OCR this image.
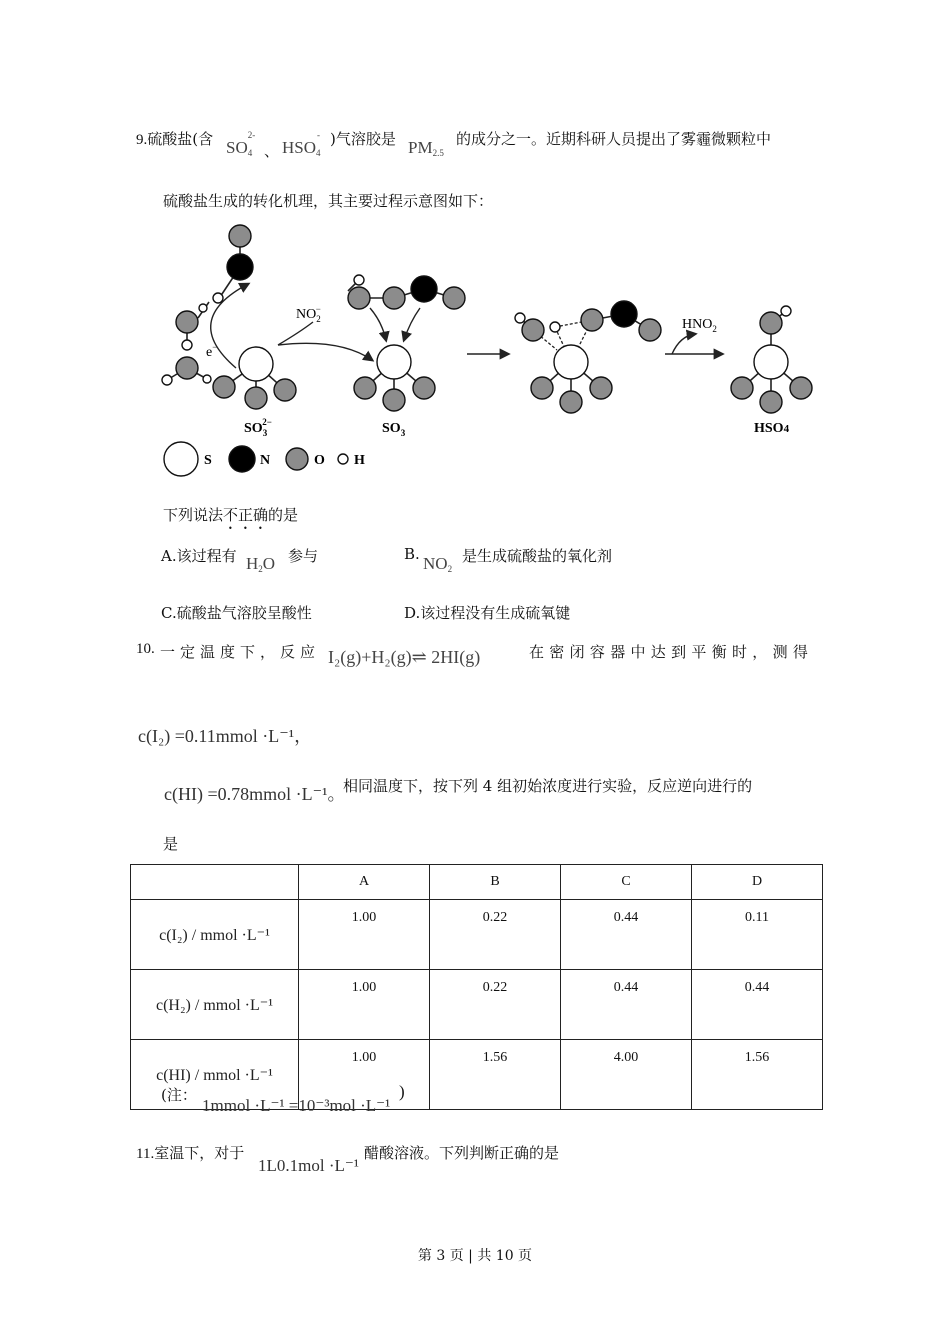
9.硫酸盐(含 SO 4
2-
、 HSO 4
- )气溶胶是 $PM_{2.5}$
的成分之一。近期科研人员提出了雾霾微颗粒中
硫酸盐生成的转化机理，其主要过程示意图如下：
e−
$NO_2-$
$HNO_2$
$SO_32-$	$SO_3$	HSO4
S	N	O H
下列说法不正确的是
A.该过程有 $H_2O$ 参与	B. $NO_2$
是生成硫酸盐的氧化剂
C.硫酸盐气溶胶呈酸性	D.该过程没有生成硫氧键
10. 一定温度下，反应 I₂(g)+H₂(g)⇌ 2HI(g)	在密闭容器中达到平衡时，测得
c(I₂) =0.11mmol ·L⁻¹，
c(HI) =0.78mmol ·L⁻¹。
相同温度下，按下列 4 组初始浓度进行实验，反应逆向进行的
是
	A	B	C	D
c(I₂) / mmol ·L⁻¹	1.00	0.22	0.44	0.11
c(H₂) / mmol ·L⁻¹	1.00	0.22	0.44	0.44
c(HI) / mmol ·L⁻¹	1.00	1.56	4.00	1.56
(注：
1mmol ·L⁻¹ =10⁻³mol ·L⁻¹
)
11.室温下，对于
1L0.1mol ·L⁻¹
醋酸溶液。下列判断正确的是
第 3 页 | 共 10 页
